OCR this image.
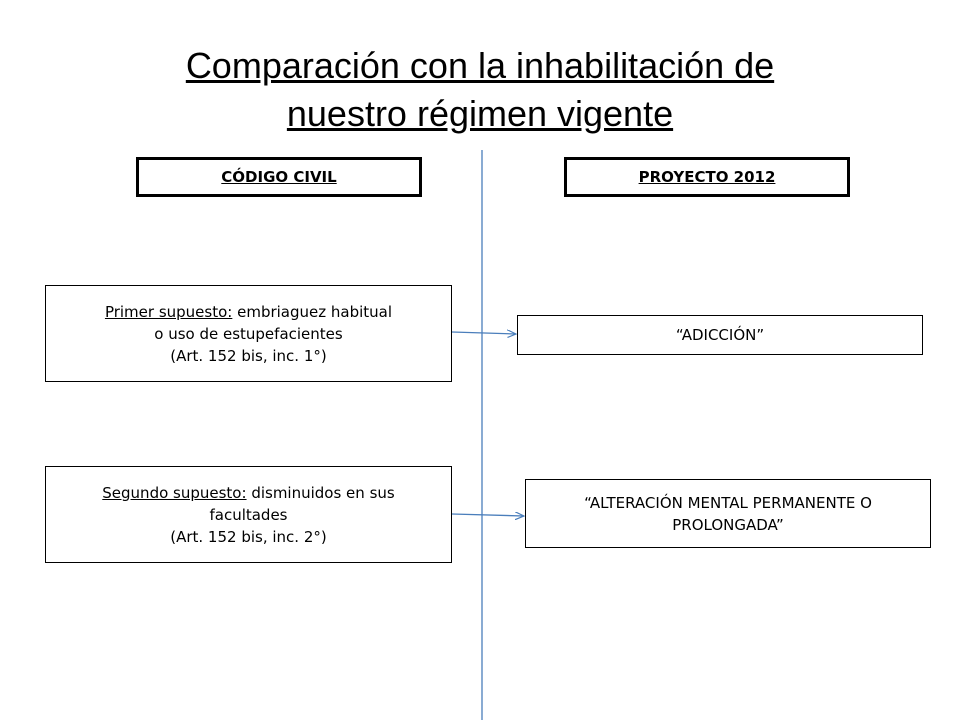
Comparación con la inhabilitación de
nuestro régimen vigente
CÓDIGO CIVIL	PROYECTO 2012
Primer supuesto: embriaguez habitual
o uso de estupefacientes
(Art. 152 bis, inc. 1°)
Segundo supuesto: disminuidos en sus
facultades
(Art. 152 bis, inc. 2°)
“ADICCIÓN”
“ALTERACIÓN MENTAL PERMANENTE O
PROLONGADA”
